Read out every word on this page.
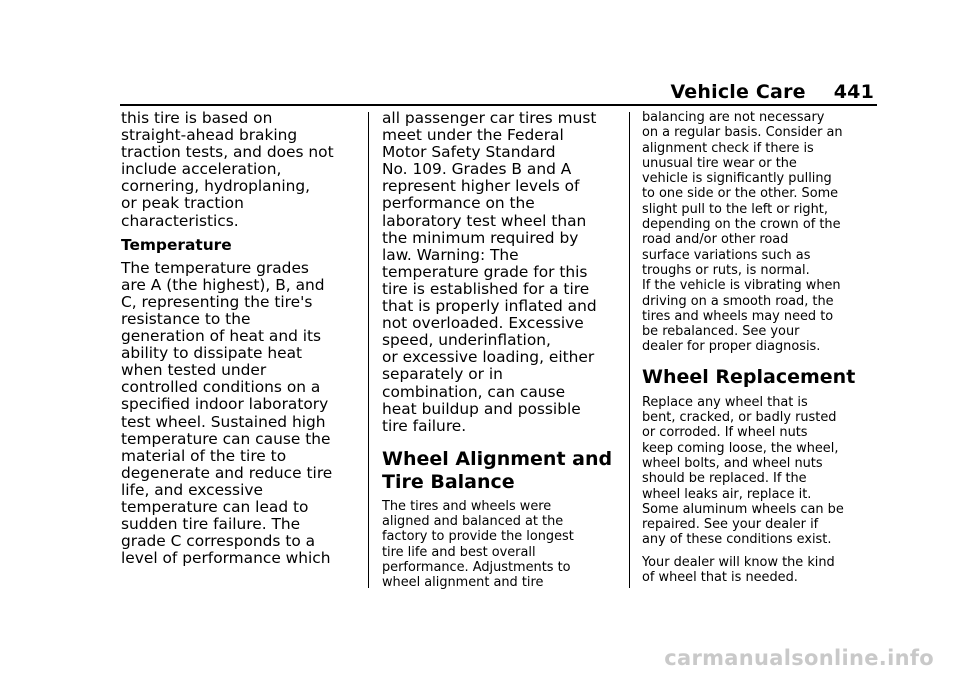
Vehicle Care 441

this tire is based on
straight-ahead braking
traction tests, and does not
include acceleration,
cornering, hydroplaning,
or peak traction
characteristics.

Temperature

The temperature grades
are A (the highest), B, and
C, representing the tire's
resistance to the
generation of heat and its
ability to dissipate heat
when tested under
controlled conditions on a
specified indoor laboratory
test wheel. Sustained high
temperature can cause the
material of the tire to
degenerate and reduce tire
life, and excessive
temperature can lead to
sudden tire failure. The
grade C corresponds to a
level of performance which

all passenger car tires must
meet under the Federal
Motor Safety Standard
No. 109. Grades B and A
represent higher levels of
performance on the
laboratory test wheel than
the minimum required by
law. Warning: The
temperature grade for this
tire is established for a tire
that is properly inflated and
not overloaded. Excessive
speed, underinflation,
or excessive loading, either
separately or in
combination, can cause
heat buildup and possible
tire failure.

Wheel Alignment and
Tire Balance

The tires and wheels were
aligned and balanced at the
factory to provide the longest
tire life and best overall
performance. Adjustments to
wheel alignment and tire

balancing are not necessary
on a regular basis. Consider an
alignment check if there is
unusual tire wear or the
vehicle is significantly pulling
to one side or the other. Some
slight pull to the left or right,
depending on the crown of the
road and/or other road
surface variations such as
troughs or ruts, is normal.
If the vehicle is vibrating when
driving on a smooth road, the
tires and wheels may need to
be rebalanced. See your
dealer for proper diagnosis.

Wheel Replacement

Replace any wheel that is
bent, cracked, or badly rusted
or corroded. If wheel nuts
keep coming loose, the wheel,
wheel bolts, and wheel nuts
should be replaced. If the
wheel leaks air, replace it.
Some aluminum wheels can be
repaired. See your dealer if
any of these conditions exist.

Your dealer will know the kind
of wheel that is needed.

carmanualsonline.info
